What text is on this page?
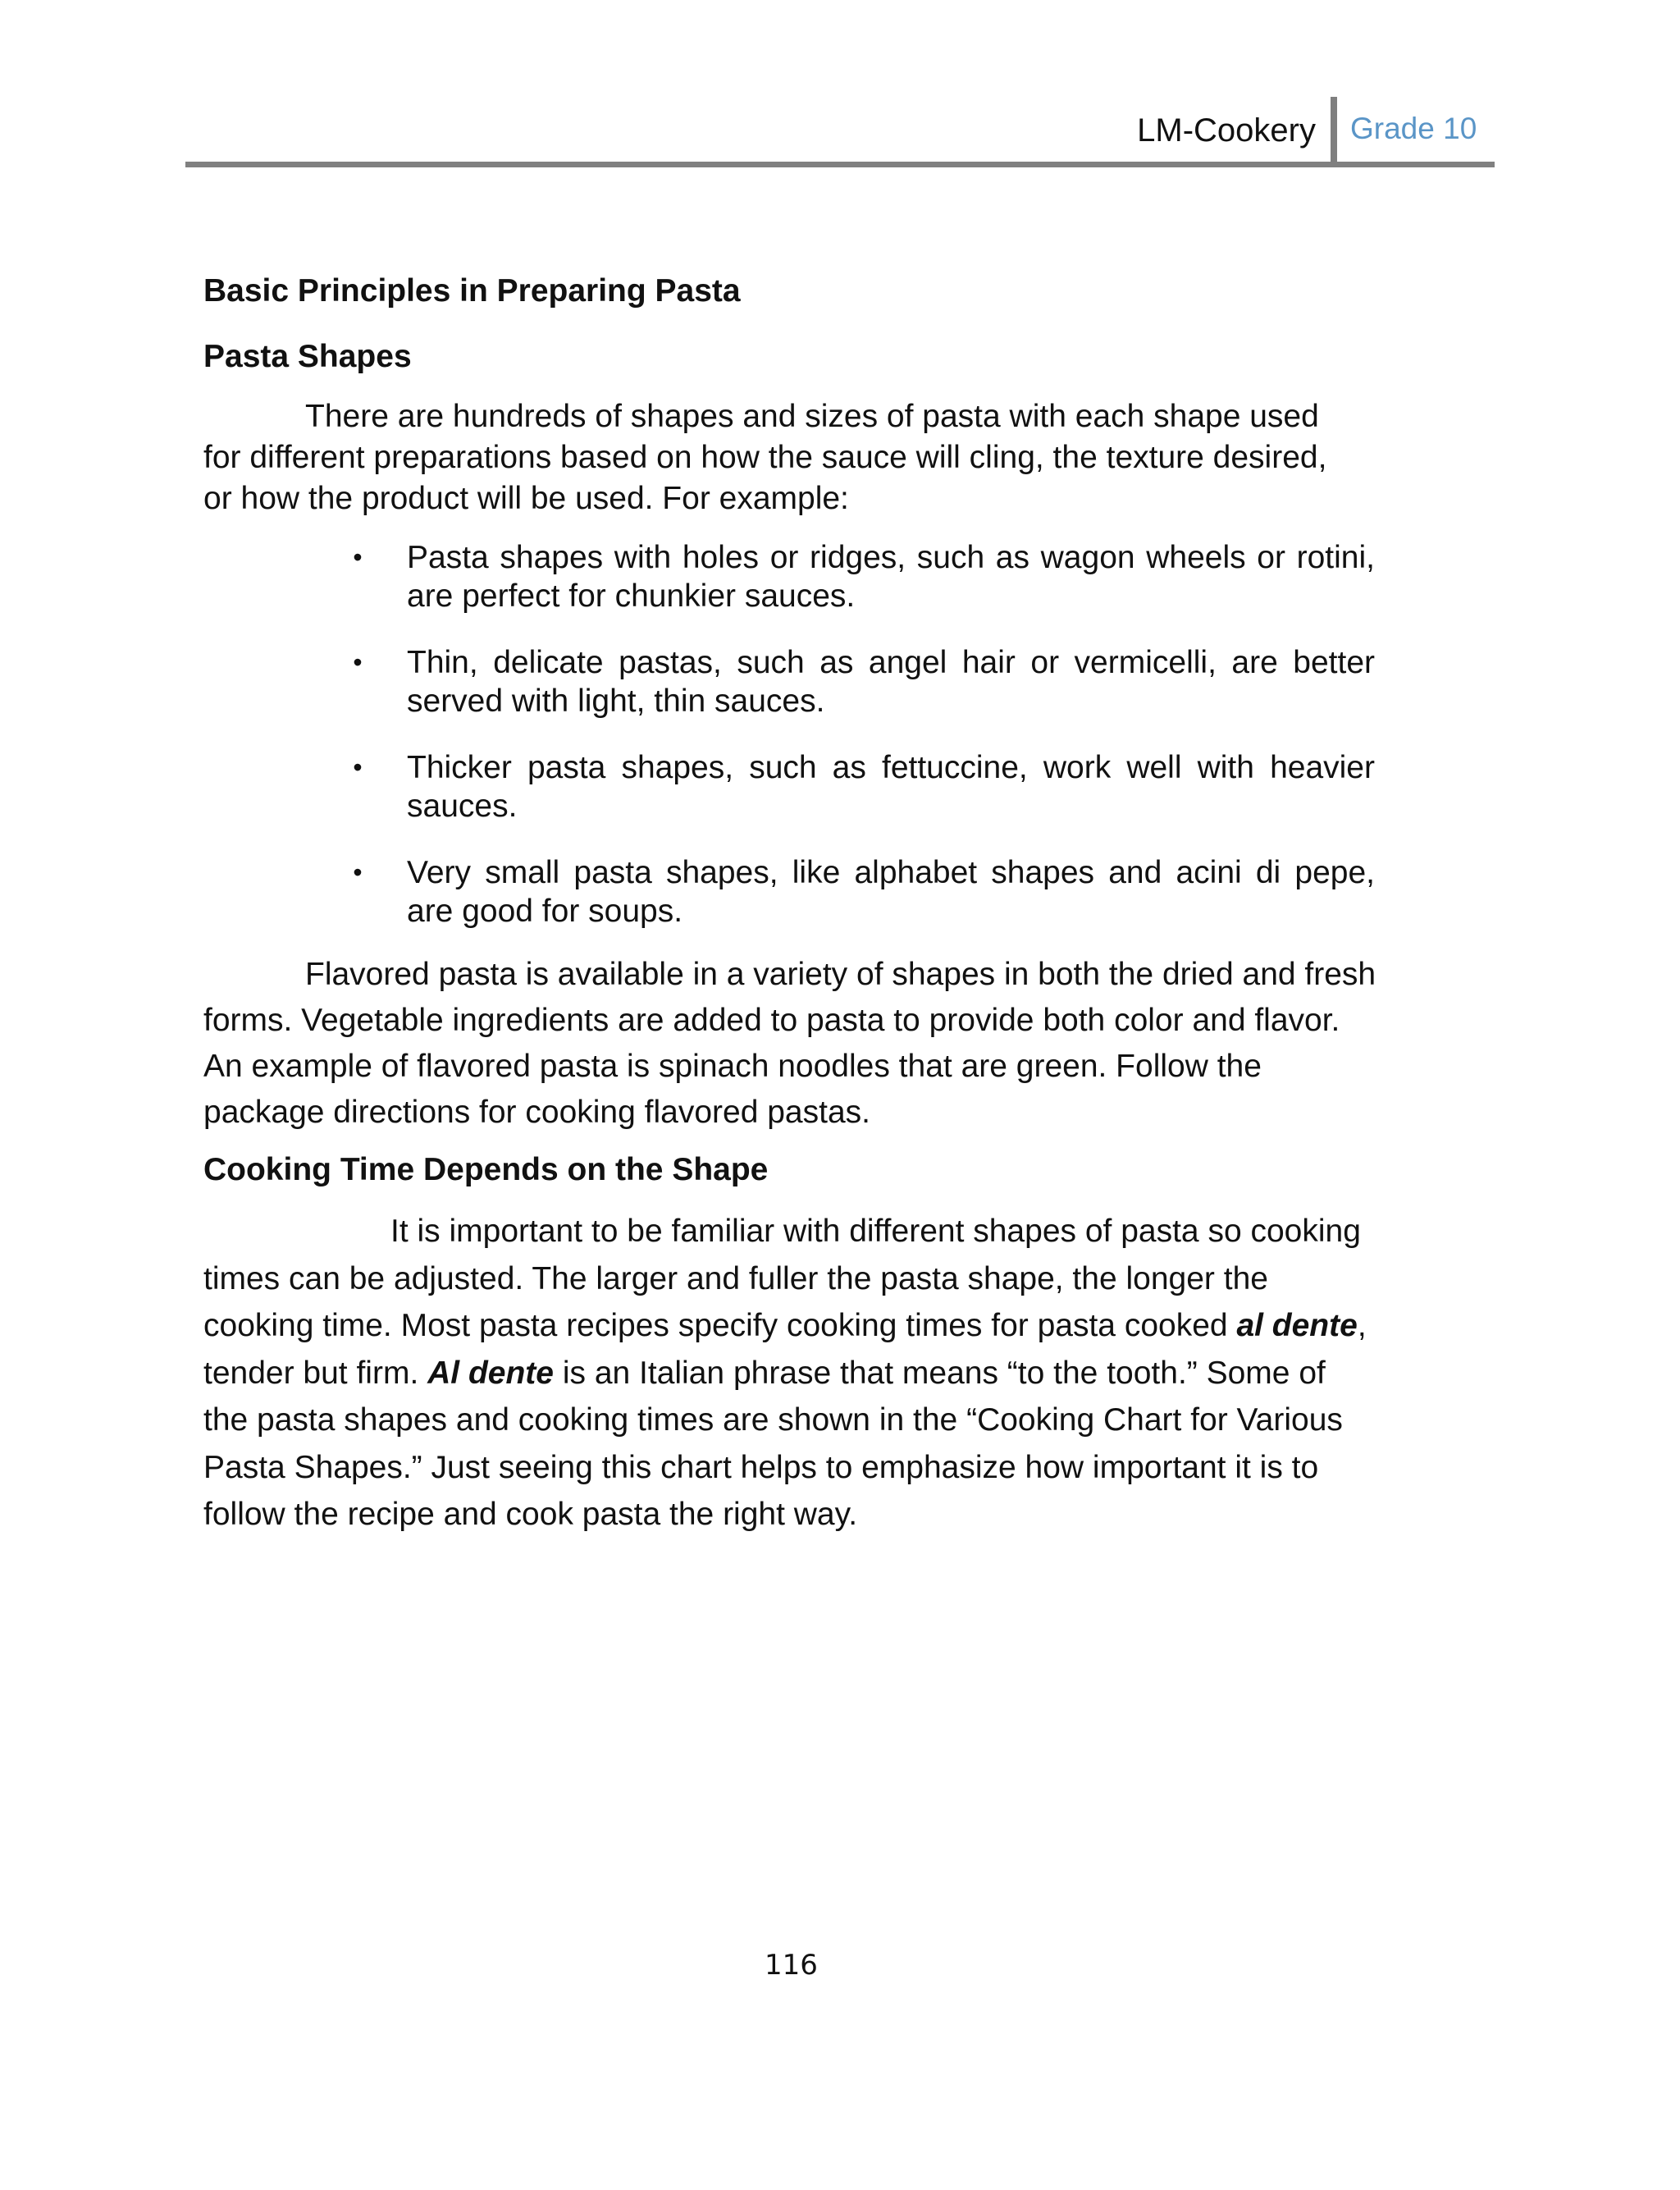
LM-Cookery Grade 10
Basic Principles in Preparing Pasta
Pasta Shapes

There are hundreds of shapes and sizes of pasta with each shape used for different preparations based on how the sauce will cling, the texture desired, or how the product will be used. For example:

• Pasta shapes with holes or ridges, such as wagon wheels or rotini, are perfect for chunkier sauces.
• Thin, delicate pastas, such as angel hair or vermicelli, are better served with light, thin sauces.
• Thicker pasta shapes, such as fettuccine, work well with heavier sauces.
• Very small pasta shapes, like alphabet shapes and acini di pepe, are good for soups.

Flavored pasta is available in a variety of shapes in both the dried and fresh forms. Vegetable ingredients are added to pasta to provide both color and flavor. An example of flavored pasta is spinach noodles that are green. Follow the package directions for cooking flavored pastas.

Cooking Time Depends on the Shape

It is important to be familiar with different shapes of pasta so cooking times can be adjusted. The larger and fuller the pasta shape, the longer the cooking time. Most pasta recipes specify cooking times for pasta cooked al dente, tender but firm. Al dente is an Italian phrase that means “to the tooth.” Some of the pasta shapes and cooking times are shown in the “Cooking Chart for Various Pasta Shapes.” Just seeing this chart helps to emphasize how important it is to follow the recipe and cook pasta the right way.

116
